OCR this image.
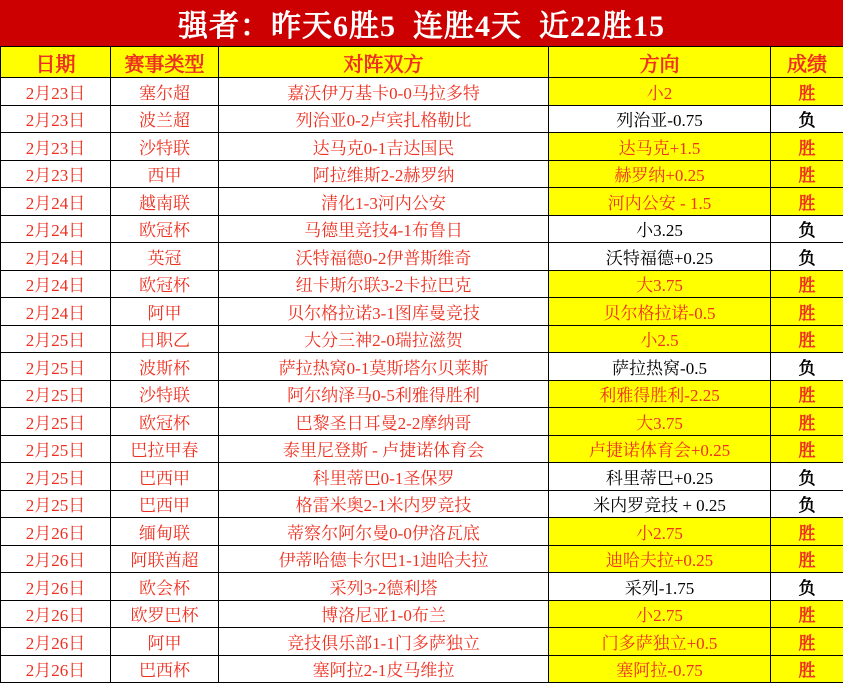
强者：昨天6胜5  连胜4天  近22胜15
日期	赛事类型	对阵双方	方向	成绩
2月23日	塞尔超	嘉沃伊万基卡0-0马拉多特	小2	胜
2月23日	波兰超	列治亚0-2卢宾扎格勒比	列治亚-0.75	负
2月23日	沙特联	达马克0-1吉达国民	达马克+1.5	胜
2月23日	西甲	阿拉维斯2-2赫罗纳	赫罗纳+0.25	胜
2月24日	越南联	清化1-3河内公安	河内公安 - 1.5	胜
2月24日	欧冠杯	马德里竞技4-1布鲁日	小3.25	负
2月24日	英冠	沃特福德0-2伊普斯维奇	沃特福德+0.25	负
2月24日	欧冠杯	纽卡斯尔联3-2卡拉巴克	大3.75	胜
2月24日	阿甲	贝尔格拉诺3-1图库曼竞技	贝尔格拉诺-0.5	胜
2月25日	日职乙	大分三神2-0瑞拉滋贺	小2.5	胜
2月25日	波斯杯	萨拉热窝0-1莫斯塔尔贝莱斯	萨拉热窝-0.5	负
2月25日	沙特联	阿尔纳泽马0-5利雅得胜利	利雅得胜利-2.25	胜
2月25日	欧冠杯	巴黎圣日耳曼2-2摩纳哥	大3.75	胜
2月25日	巴拉甲春	泰里尼登斯 - 卢捷诺体育会	卢捷诺体育会+0.25	胜
2月25日	巴西甲	科里蒂巴0-1圣保罗	科里蒂巴+0.25	负
2月25日	巴西甲	格雷米奥2-1米内罗竞技	米内罗竞技 + 0.25	负
2月26日	缅甸联	蒂察尔阿尔曼0-0伊洛瓦底	小2.75	胜
2月26日	阿联酋超	伊蒂哈德卡尔巴1-1迪哈夫拉	迪哈夫拉+0.25	胜
2月26日	欧会杯	采列3-2德利塔	采列-1.75	负
2月26日	欧罗巴杯	博洛尼亚1-0布兰	小2.75	胜
2月26日	阿甲	竞技俱乐部1-1门多萨独立	门多萨独立+0.5	胜
2月26日	巴西杯	塞阿拉2-1皮马维拉	塞阿拉-0.75	胜
